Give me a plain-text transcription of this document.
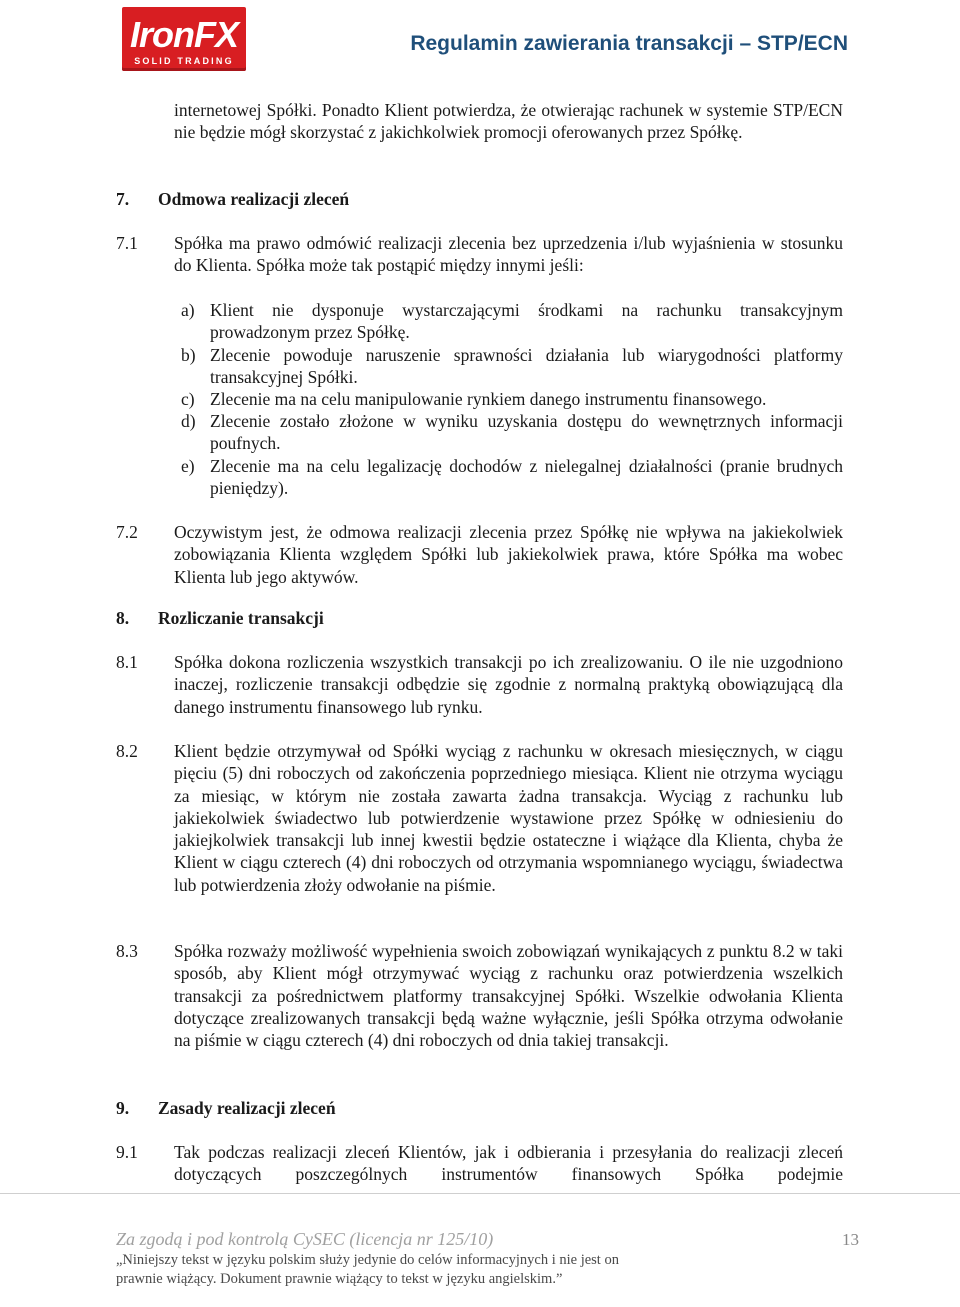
IronFX
SOLID TRADING
Regulamin zawierania transakcji – STP/ECN
internetowej Spółki. Ponadto Klient potwierdza, że otwierając rachunek w systemie STP/ECN nie będzie mógł skorzystać z jakichkolwiek promocji oferowanych przez Spółkę.
7. Odmowa realizacji zleceń
7.1 Spółka ma prawo odmówić realizacji zlecenia bez uprzedzenia i/lub wyjaśnienia w stosunku do Klienta. Spółka może tak postąpić między innymi jeśli:
a) Klient nie dysponuje wystarczającymi środkami na rachunku transakcyjnym prowadzonym przez Spółkę.
b) Zlecenie powoduje naruszenie sprawności działania lub wiarygodności platformy transakcyjnej Spółki.
c) Zlecenie ma na celu manipulowanie rynkiem danego instrumentu finansowego.
d) Zlecenie zostało złożone w wyniku uzyskania dostępu do wewnętrznych informacji poufnych.
e) Zlecenie ma na celu legalizację dochodów z nielegalnej działalności (pranie brudnych pieniędzy).
7.2 Oczywistym jest, że odmowa realizacji zlecenia przez Spółkę nie wpływa na jakiekolwiek zobowiązania Klienta względem Spółki lub jakiekolwiek prawa, które Spółka ma wobec Klienta lub jego aktywów.
8. Rozliczanie transakcji
8.1 Spółka dokona rozliczenia wszystkich transakcji po ich zrealizowaniu. O ile nie uzgodniono inaczej, rozliczenie transakcji odbędzie się zgodnie z normalną praktyką obowiązującą dla danego instrumentu finansowego lub rynku.
8.2 Klient będzie otrzymywał od Spółki wyciąg z rachunku w okresach miesięcznych, w ciągu pięciu (5) dni roboczych od zakończenia poprzedniego miesiąca. Klient nie otrzyma wyciągu za miesiąc, w którym nie została zawarta żadna transakcja. Wyciąg z rachunku lub jakiekolwiek świadectwo lub potwierdzenie wystawione przez Spółkę w odniesieniu do jakiejkolwiek transakcji lub innej kwestii będzie ostateczne i wiążące dla Klienta, chyba że Klient w ciągu czterech (4) dni roboczych od otrzymania wspomnianego wyciągu, świadectwa lub potwierdzenia złoży odwołanie na piśmie.
8.3 Spółka rozważy możliwość wypełnienia swoich zobowiązań wynikających z punktu 8.2 w taki sposób, aby Klient mógł otrzymywać wyciąg z rachunku oraz potwierdzenia wszelkich transakcji za pośrednictwem platformy transakcyjnej Spółki. Wszelkie odwołania Klienta dotyczące zrealizowanych transakcji będą ważne wyłącznie, jeśli Spółka otrzyma odwołanie na piśmie w ciągu czterech (4) dni roboczych od dnia takiej transakcji.
9. Zasady realizacji zleceń
9.1 Tak podczas realizacji zleceń Klientów, jak i odbierania i przesyłania do realizacji zleceń dotyczących poszczególnych instrumentów finansowych Spółka podejmie
Za zgodą i pod kontrolą CySEC (licencja nr 125/10)
„Niniejszy tekst w języku polskim służy jedynie do celów informacyjnych i nie jest on prawnie wiążący. Dokument prawnie wiążący to tekst w języku angielskim.”
13
